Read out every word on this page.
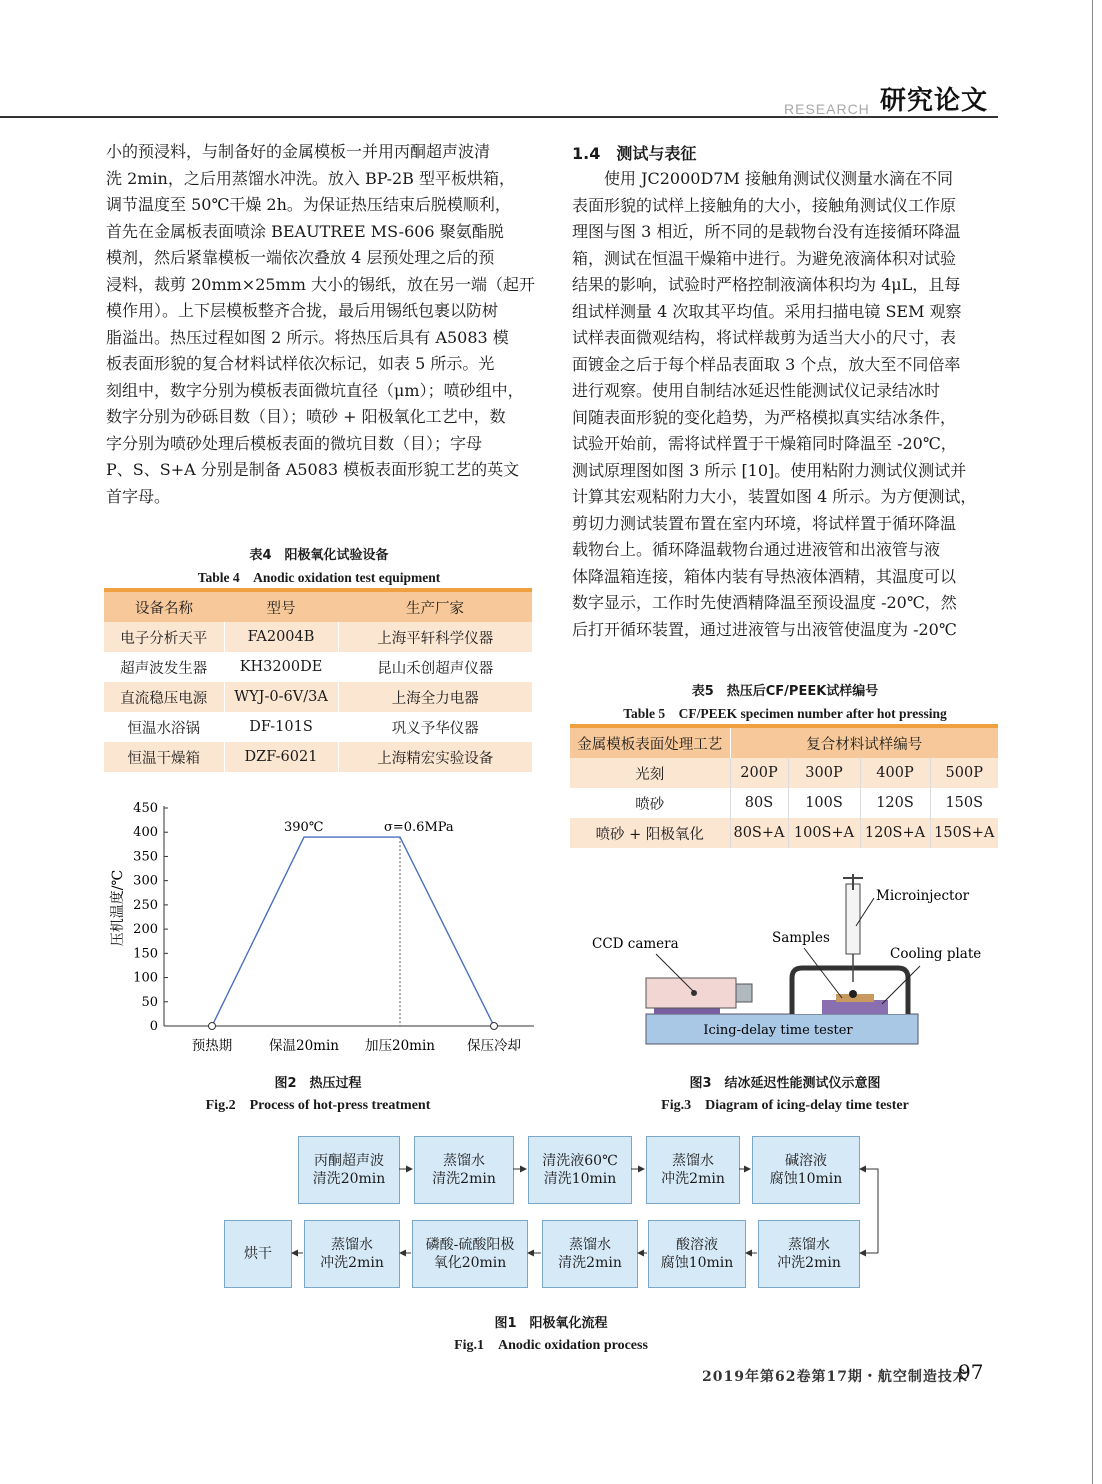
RESEARCH 研究论文
小的预浸料，与制备好的金属模板一并用丙酮超声波清
洗 2min，之后用蒸馏水冲洗。放入 BP-2B 型平板烘箱，
调节温度至 50℃干燥 2h。为保证热压结束后脱模顺利，
首先在金属板表面喷涂 BEAUTREE MS-606 聚氨酯脱
模剂，然后紧靠模板一端依次叠放 4 层预处理之后的预
浸料，裁剪 20mm×25mm 大小的锡纸，放在另一端（起开
模作用）。上下层模板整齐合拢，最后用锡纸包裹以防树
脂溢出。热压过程如图 2 所示。将热压后具有 A5083 模
板表面形貌的复合材料试样依次标记，如表 5 所示。光
刻组中，数字分别为模板表面微坑直径（μm）；喷砂组中，
数字分别为砂砾目数（目）；喷砂 + 阳极氧化工艺中，数
字分别为喷砂处理后模板表面的微坑目数（目）；字母
P、S、S+A 分别是制备 A5083 模板表面形貌工艺的英文
首字母。
1.4　测试与表征
　　使用 JC2000D7M 接触角测试仪测量水滴在不同
表面形貌的试样上接触角的大小，接触角测试仪工作原
理图与图 3 相近，所不同的是载物台没有连接循环降温
箱，测试在恒温干燥箱中进行。为避免液滴体积对试验
结果的影响，试验时严格控制液滴体积均为 4μL，且每
组试样测量 4 次取其平均值。采用扫描电镜 SEM 观察
试样表面微观结构，将试样裁剪为适当大小的尺寸，表
面镀金之后于每个样品表面取 3 个点，放大至不同倍率
进行观察。使用自制结冰延迟性能测试仪记录结冰时
间随表面形貌的变化趋势，为严格模拟真实结冰条件，
试验开始前，需将试样置于干燥箱同时降温至 -20℃，
测试原理图如图 3 所示 [10]。使用粘附力测试仪测试并
计算其宏观粘附力大小，装置如图 4 所示。为方便测试，
剪切力测试装置布置在室内环境，将试样置于循环降温
载物台上。循环降温载物台通过进液管和出液管与液
体降温箱连接，箱体内装有导热液体酒精，其温度可以
数字显示，工作时先使酒精降温至预设温度 -20℃，然
后打开循环装置，通过进液管与出液管使温度为 -20℃
表4　阳极氧化试验设备
Table 4　Anodic oxidation test equipment
设备名称	型号	生产厂家
电子分析天平	FA2004B	上海平轩科学仪器
超声波发生器	KH3200DE	昆山禾创超声仪器
直流稳压电源	WYJ-0-6V/3A	上海全力电器
恒温水浴锅	DF-101S	巩义予华仪器
恒温干燥箱	DZF-6021	上海精宏实验设备
表5　热压后CF/PEEK试样编号
Table 5　CF/PEEK specimen number after hot pressing
金属模板表面处理工艺	复合材料试样编号			
光刻	200P	300P	400P	500P
喷砂	80S	100S	120S	150S
喷砂 + 阳极氧化	80S+A	100S+A	120S+A	150S+A
压机温度/℃
0
50
100
150
200
250
300
350
400
450
预热期	保温20min 加压20min 保压冷却
390℃	σ=0.6MPa
图2　热压过程
Fig.2　Process of hot-press treatment
Icing-delay time tester
Microinjector
Samples
CCD camera
Cooling plate
图3　结冰延迟性能测试仪示意图
Fig.3　Diagram of icing-delay time tester
丙酮超声波
清洗20min
蒸馏水
清洗2min
清洗液60℃
清洗10min
蒸馏水
冲洗2min
碱溶液
腐蚀10min
烘干
蒸馏水
冲洗2min
磷酸-硫酸阳极
氧化20min
蒸馏水
清洗2min
酸溶液
腐蚀10min
蒸馏水
冲洗2min
图1　阳极氧化流程
Fig.1　Anodic oxidation process
2019年第62卷第17期・航空制造技术
97
